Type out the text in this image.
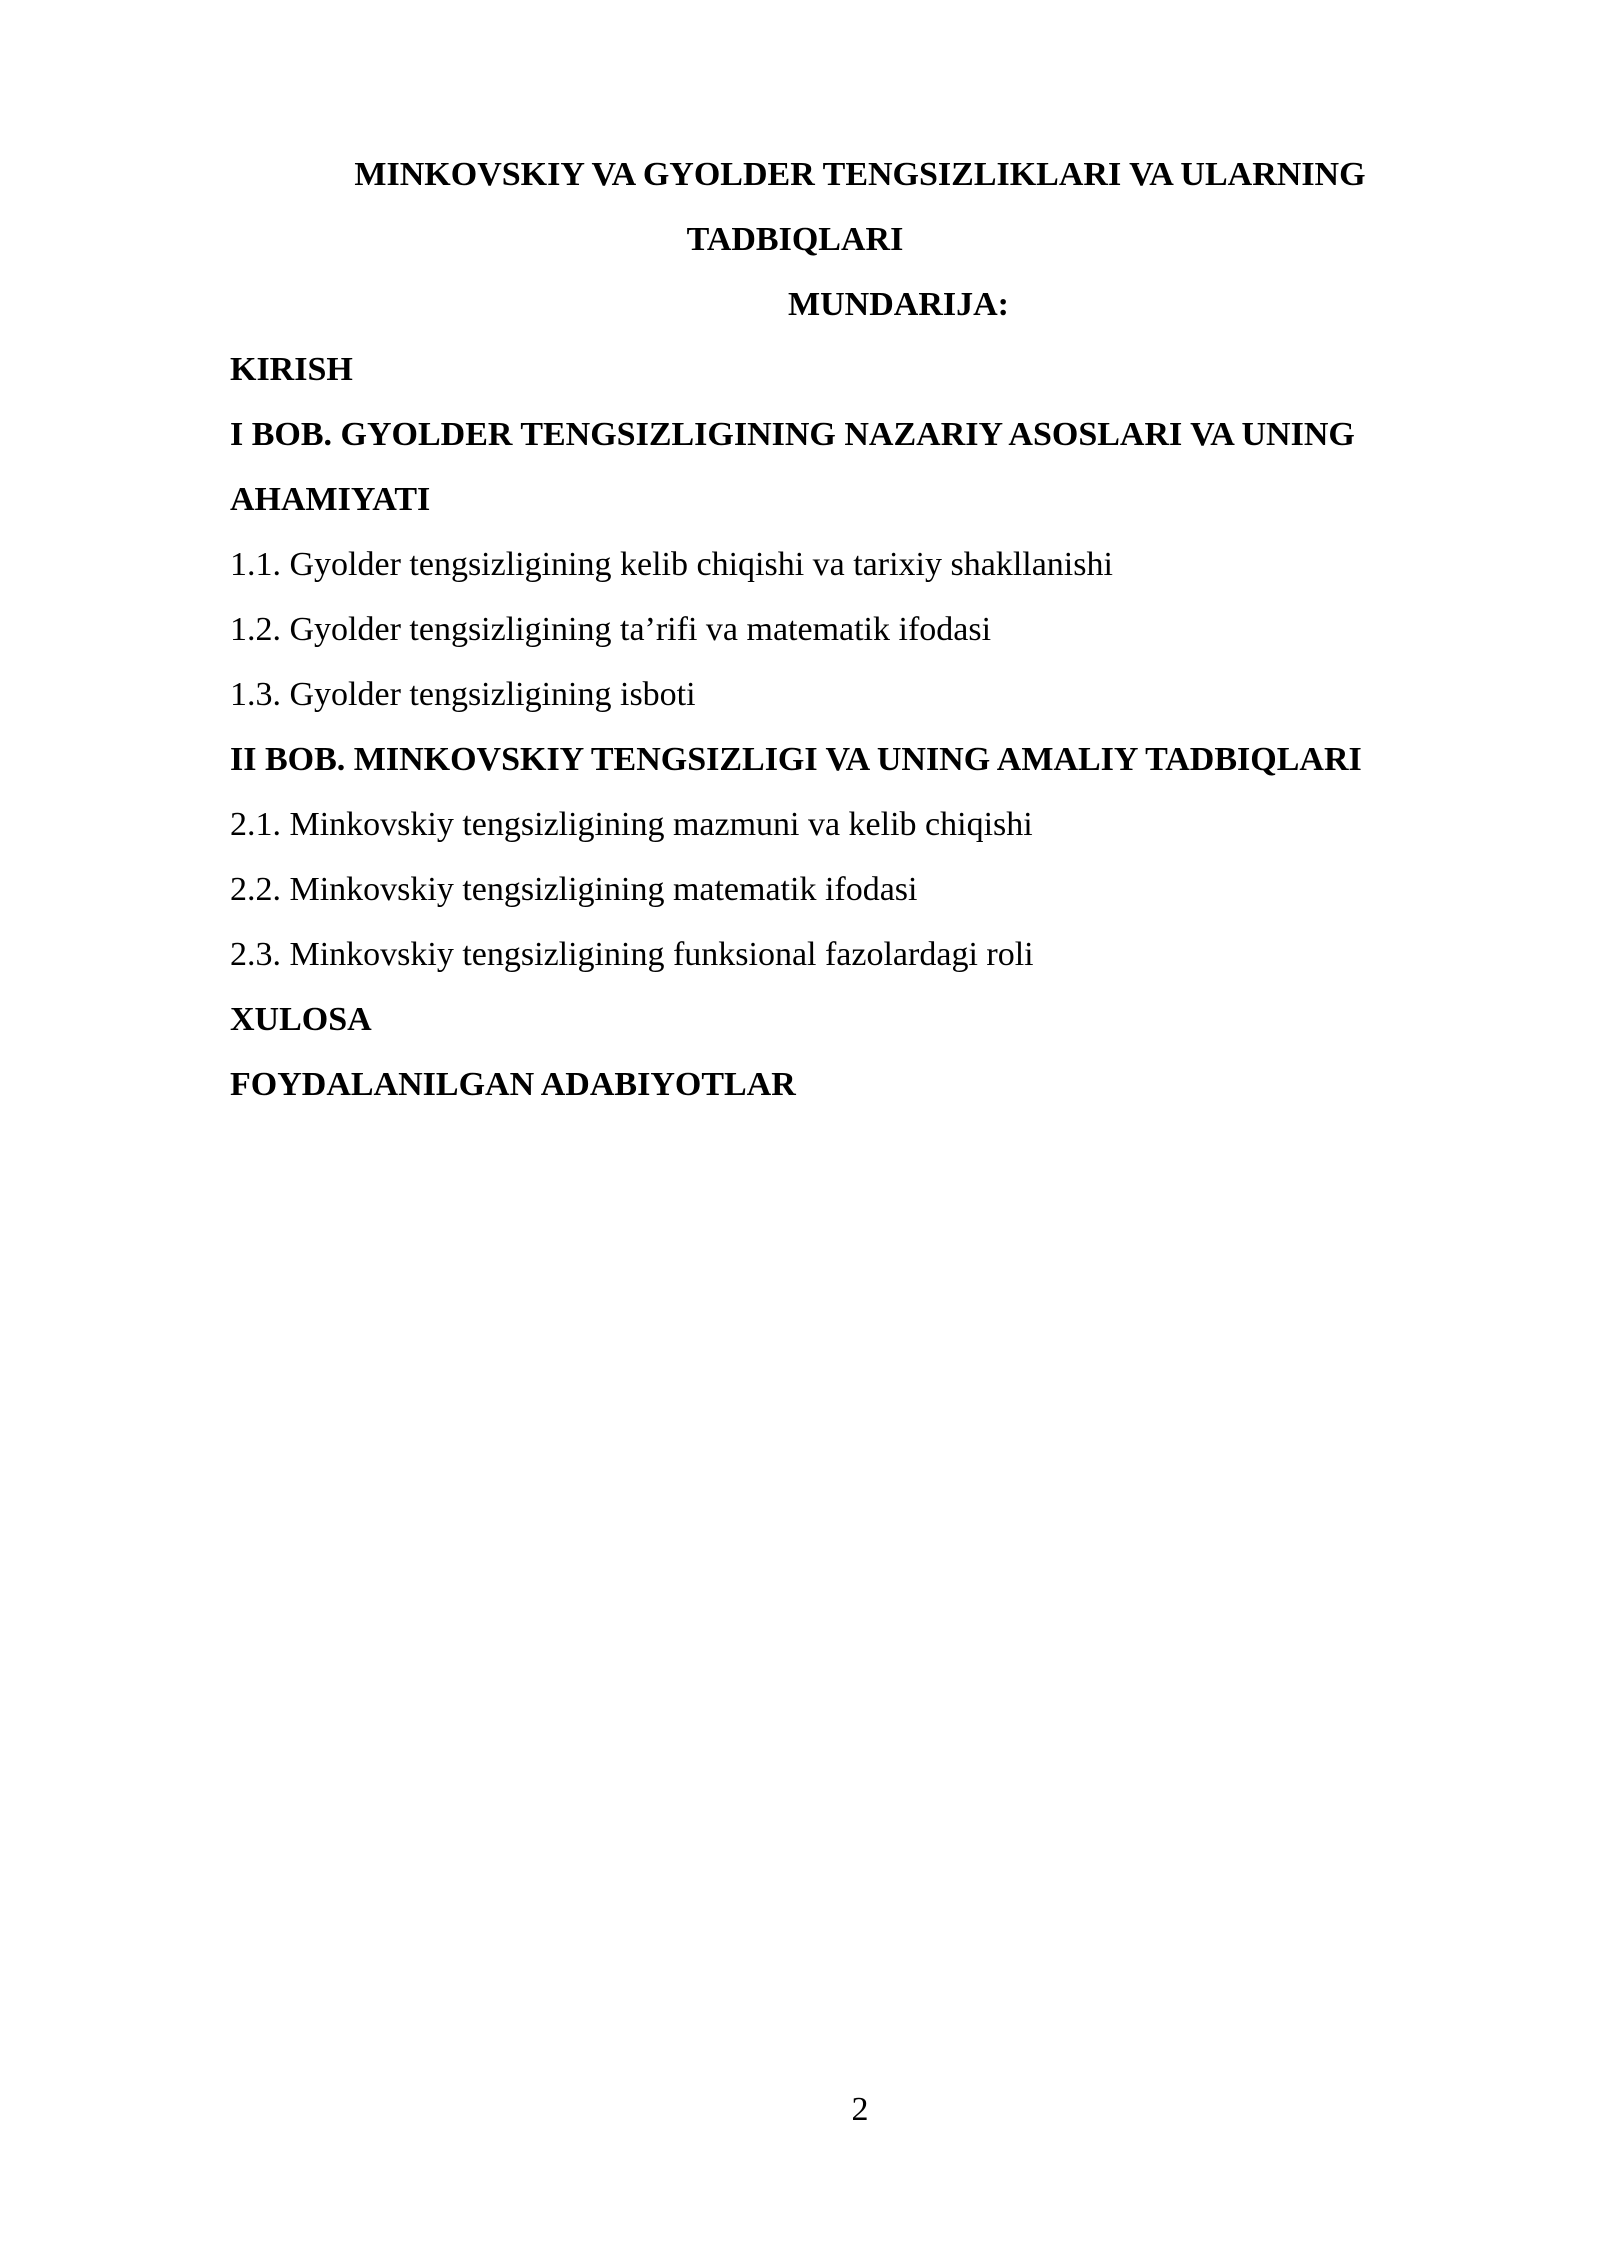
MINKOVSKIY VA GYOLDER TENGSIZLIKLARI VA ULARNING
TADBIQLARI
MUNDARIJA:
KIRISH
I BOB. GYOLDER TENGSIZLIGINING NAZARIY ASOSLARI VA UNING AHAMIYATI
1.1. Gyolder tengsizligining kelib chiqishi va tarixiy shakllanishi
1.2. Gyolder tengsizligining ta’rifi va matematik ifodasi
1.3. Gyolder tengsizligining isboti
II BOB. MINKOVSKIY TENGSIZLIGI VA UNING AMALIY TADBIQLARI
2.1. Minkovskiy tengsizligining mazmuni va kelib chiqishi
2.2. Minkovskiy tengsizligining matematik ifodasi
2.3. Minkovskiy tengsizligining funksional fazolardagi roli
XULOSA
FOYDALANILGAN ADABIYOTLAR
2
